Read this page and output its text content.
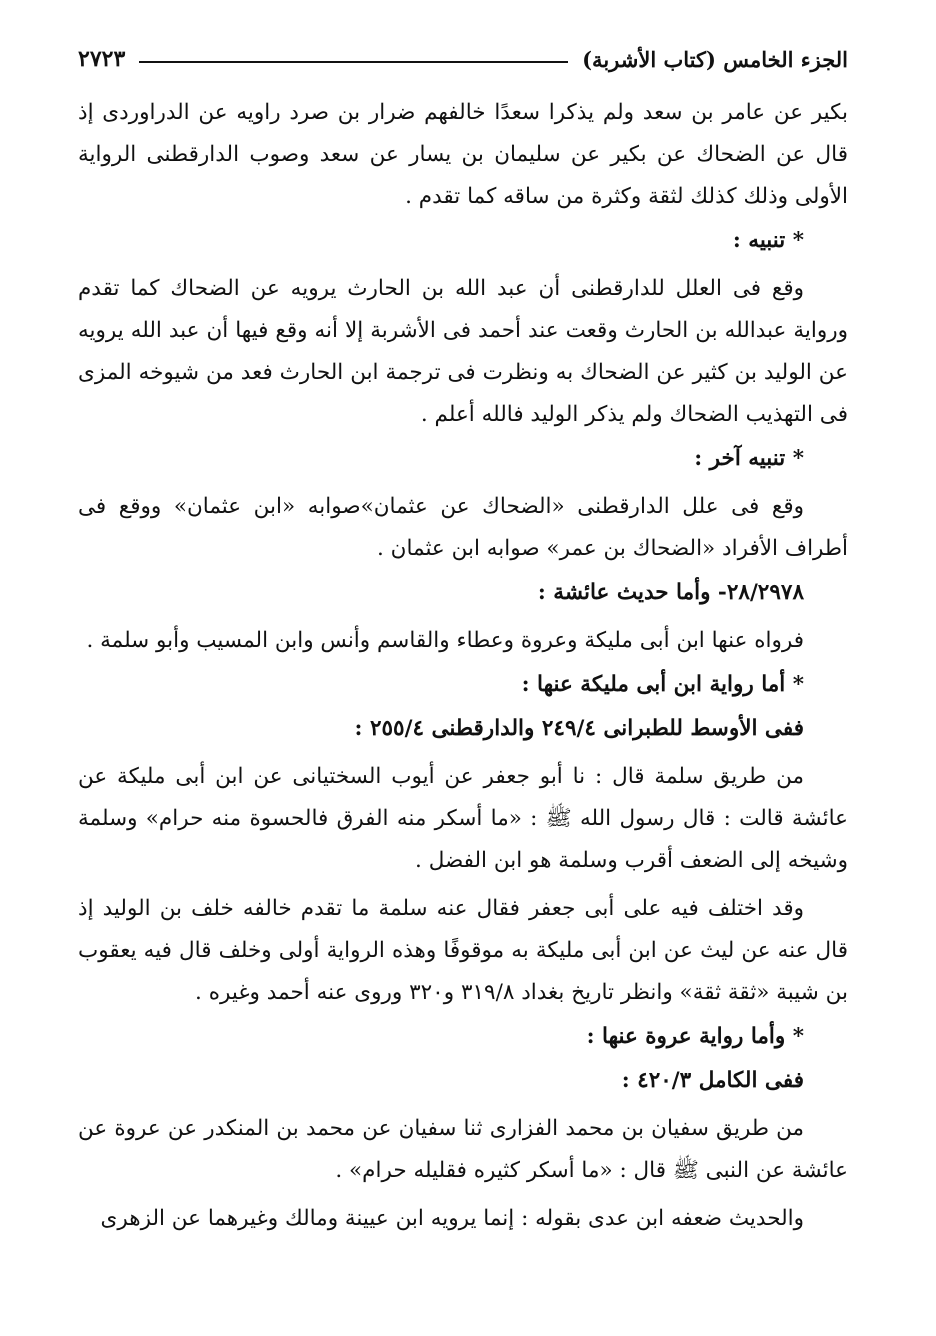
الجزء الخامس (كتاب الأشربة)
٢٧٢٣

بكير عن عامر بن سعد ولم يذكرا سعدًا خالفهم ضرار بن صرد راويه عن الدراوردى إذ قال عن الضحاك عن بكير عن سليمان بن يسار عن سعد وصوب الدارقطنى الرواية الأولى وذلك كذلك لثقة وكثرة من ساقه كما تقدم .

* تنبيه :

وقع فى العلل للدارقطنى أن عبد الله بن الحارث يرويه عن الضحاك كما تقدم ورواية عبدالله بن الحارث وقعت عند أحمد فى الأشربة إلا أنه وقع فيها أن عبد الله يرويه عن الوليد بن كثير عن الضحاك به ونظرت فى ترجمة ابن الحارث فعد من شيوخه المزى فى التهذيب الضحاك ولم يذكر الوليد فالله أعلم .

* تنبيه آخر :

وقع فى علل الدارقطنى «الضحاك عن عثمان»صوابه «ابن عثمان» ووقع فى أطراف الأفراد «الضحاك بن عمر» صوابه ابن عثمان .

٢٨/٢٩٧٨- وأما حديث عائشة :

فرواه عنها ابن أبى مليكة وعروة وعطاء والقاسم وأنس وابن المسيب وأبو سلمة .

* أما رواية ابن أبى مليكة عنها :

ففى الأوسط للطبرانى ٢٤٩/٤ والدارقطنى ٢٥٥/٤ :

من طريق سلمة قال : نا أبو جعفر عن أيوب السختيانى عن ابن أبى مليكة عن عائشة قالت : قال رسول الله ﷺ : «ما أسكر منه الفرق فالحسوة منه حرام» وسلمة وشيخه إلى الضعف أقرب وسلمة هو ابن الفضل .

وقد اختلف فيه على أبى جعفر فقال عنه سلمة ما تقدم خالفه خلف بن الوليد إذ قال عنه عن ليث عن ابن أبى مليكة به موقوفًا وهذه الرواية أولى وخلف قال فيه يعقوب بن شيبة «ثقة ثقة» وانظر تاريخ بغداد ٣١٩/٨ و٣٢٠ وروى عنه أحمد وغيره .

* وأما رواية عروة عنها :

ففى الكامل ٤٢٠/٣ :

من طريق سفيان بن محمد الفزارى ثنا سفيان عن محمد بن المنكدر عن عروة عن عائشة عن النبى ﷺ قال : «ما أسكر كثيره فقليله حرام» .

والحديث ضعفه ابن عدى بقوله : إنما يرويه ابن عيينة ومالك وغيرهما عن الزهرى
